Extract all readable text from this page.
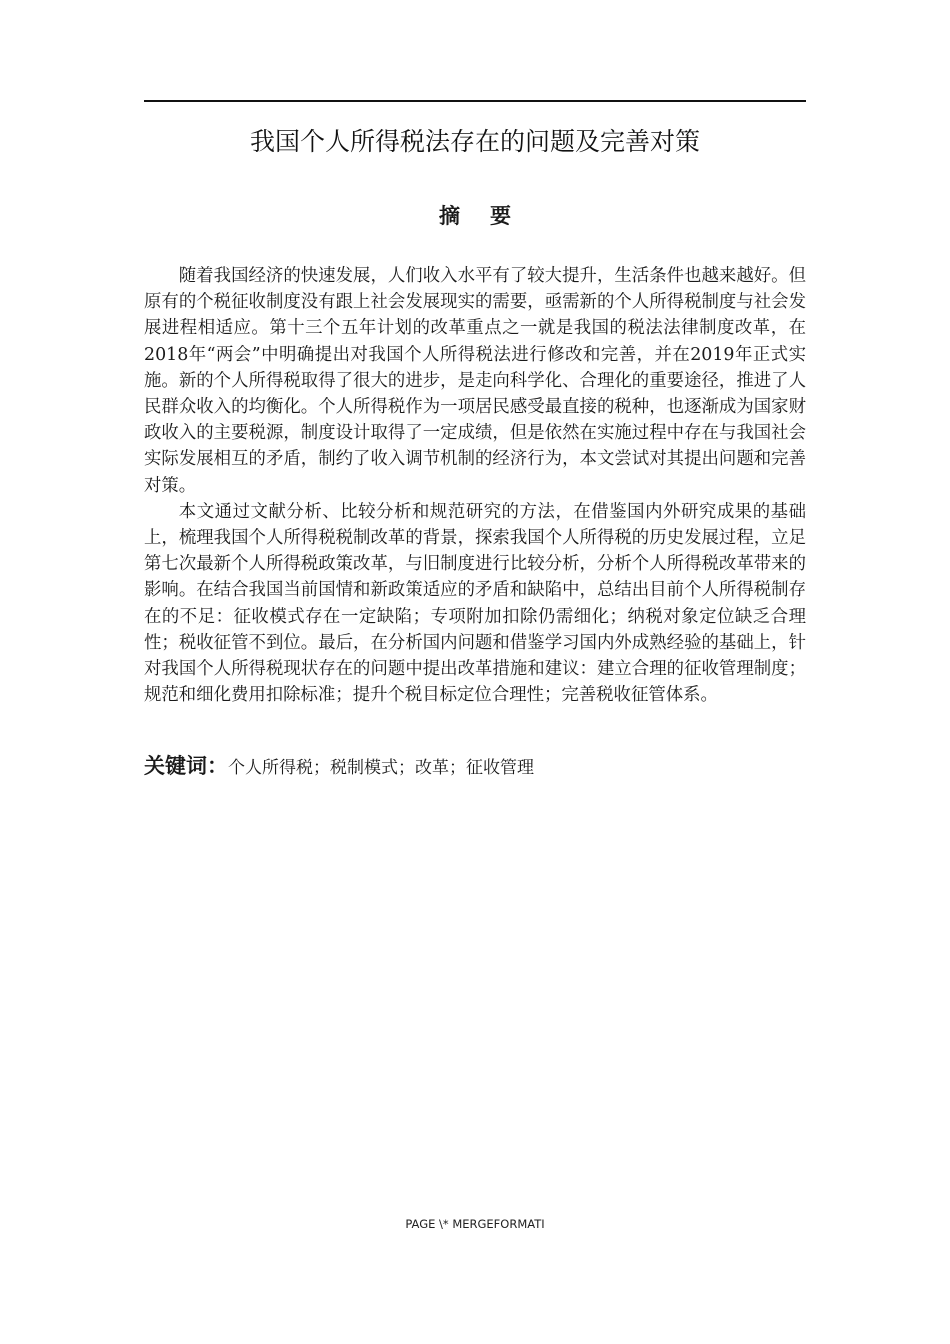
我国个人所得税法存在的问题及完善对策
摘 要

随着我国经济的快速发展，人们收入水平有了较大提升，生活条件也越来越好。但原有的个税征收制度没有跟上社会发展现实的需要，亟需新的个人所得税制度与社会发展进程相适应。第十三个五年计划的改革重点之一就是我国的税法法律制度改革，在2018年“两会”中明确提出对我国个人所得税法进行修改和完善，并在2019年正式实施。新的个人所得税取得了很大的进步，是走向科学化、合理化的重要途径，推进了人民群众收入的均衡化。个人所得税作为一项居民感受最直接的税种，也逐渐成为国家财政收入的主要税源，制度设计取得了一定成绩，但是依然在实施过程中存在与我国社会实际发展相互的矛盾，制约了收入调节机制的经济行为，本文尝试对其提出问题和完善对策。

本文通过文献分析、比较分析和规范研究的方法，在借鉴国内外研究成果的基础上，梳理我国个人所得税税制改革的背景，探索我国个人所得税的历史发展过程，立足第七次最新个人所得税政策改革，与旧制度进行比较分析，分析个人所得税改革带来的影响。在结合我国当前国情和新政策适应的矛盾和缺陷中，总结出目前个人所得税制存在的不足：征收模式存在一定缺陷；专项附加扣除仍需细化；纳税对象定位缺乏合理性；税收征管不到位。最后，在分析国内问题和借鉴学习国内外成熟经验的基础上，针对我国个人所得税现状存在的问题中提出改革措施和建议：建立合理的征收管理制度；规范和细化费用扣除标准；提升个税目标定位合理性；完善税收征管体系。

关键词：个人所得税；税制模式；改革；征收管理
PAGE \* MERGEFORMATI
